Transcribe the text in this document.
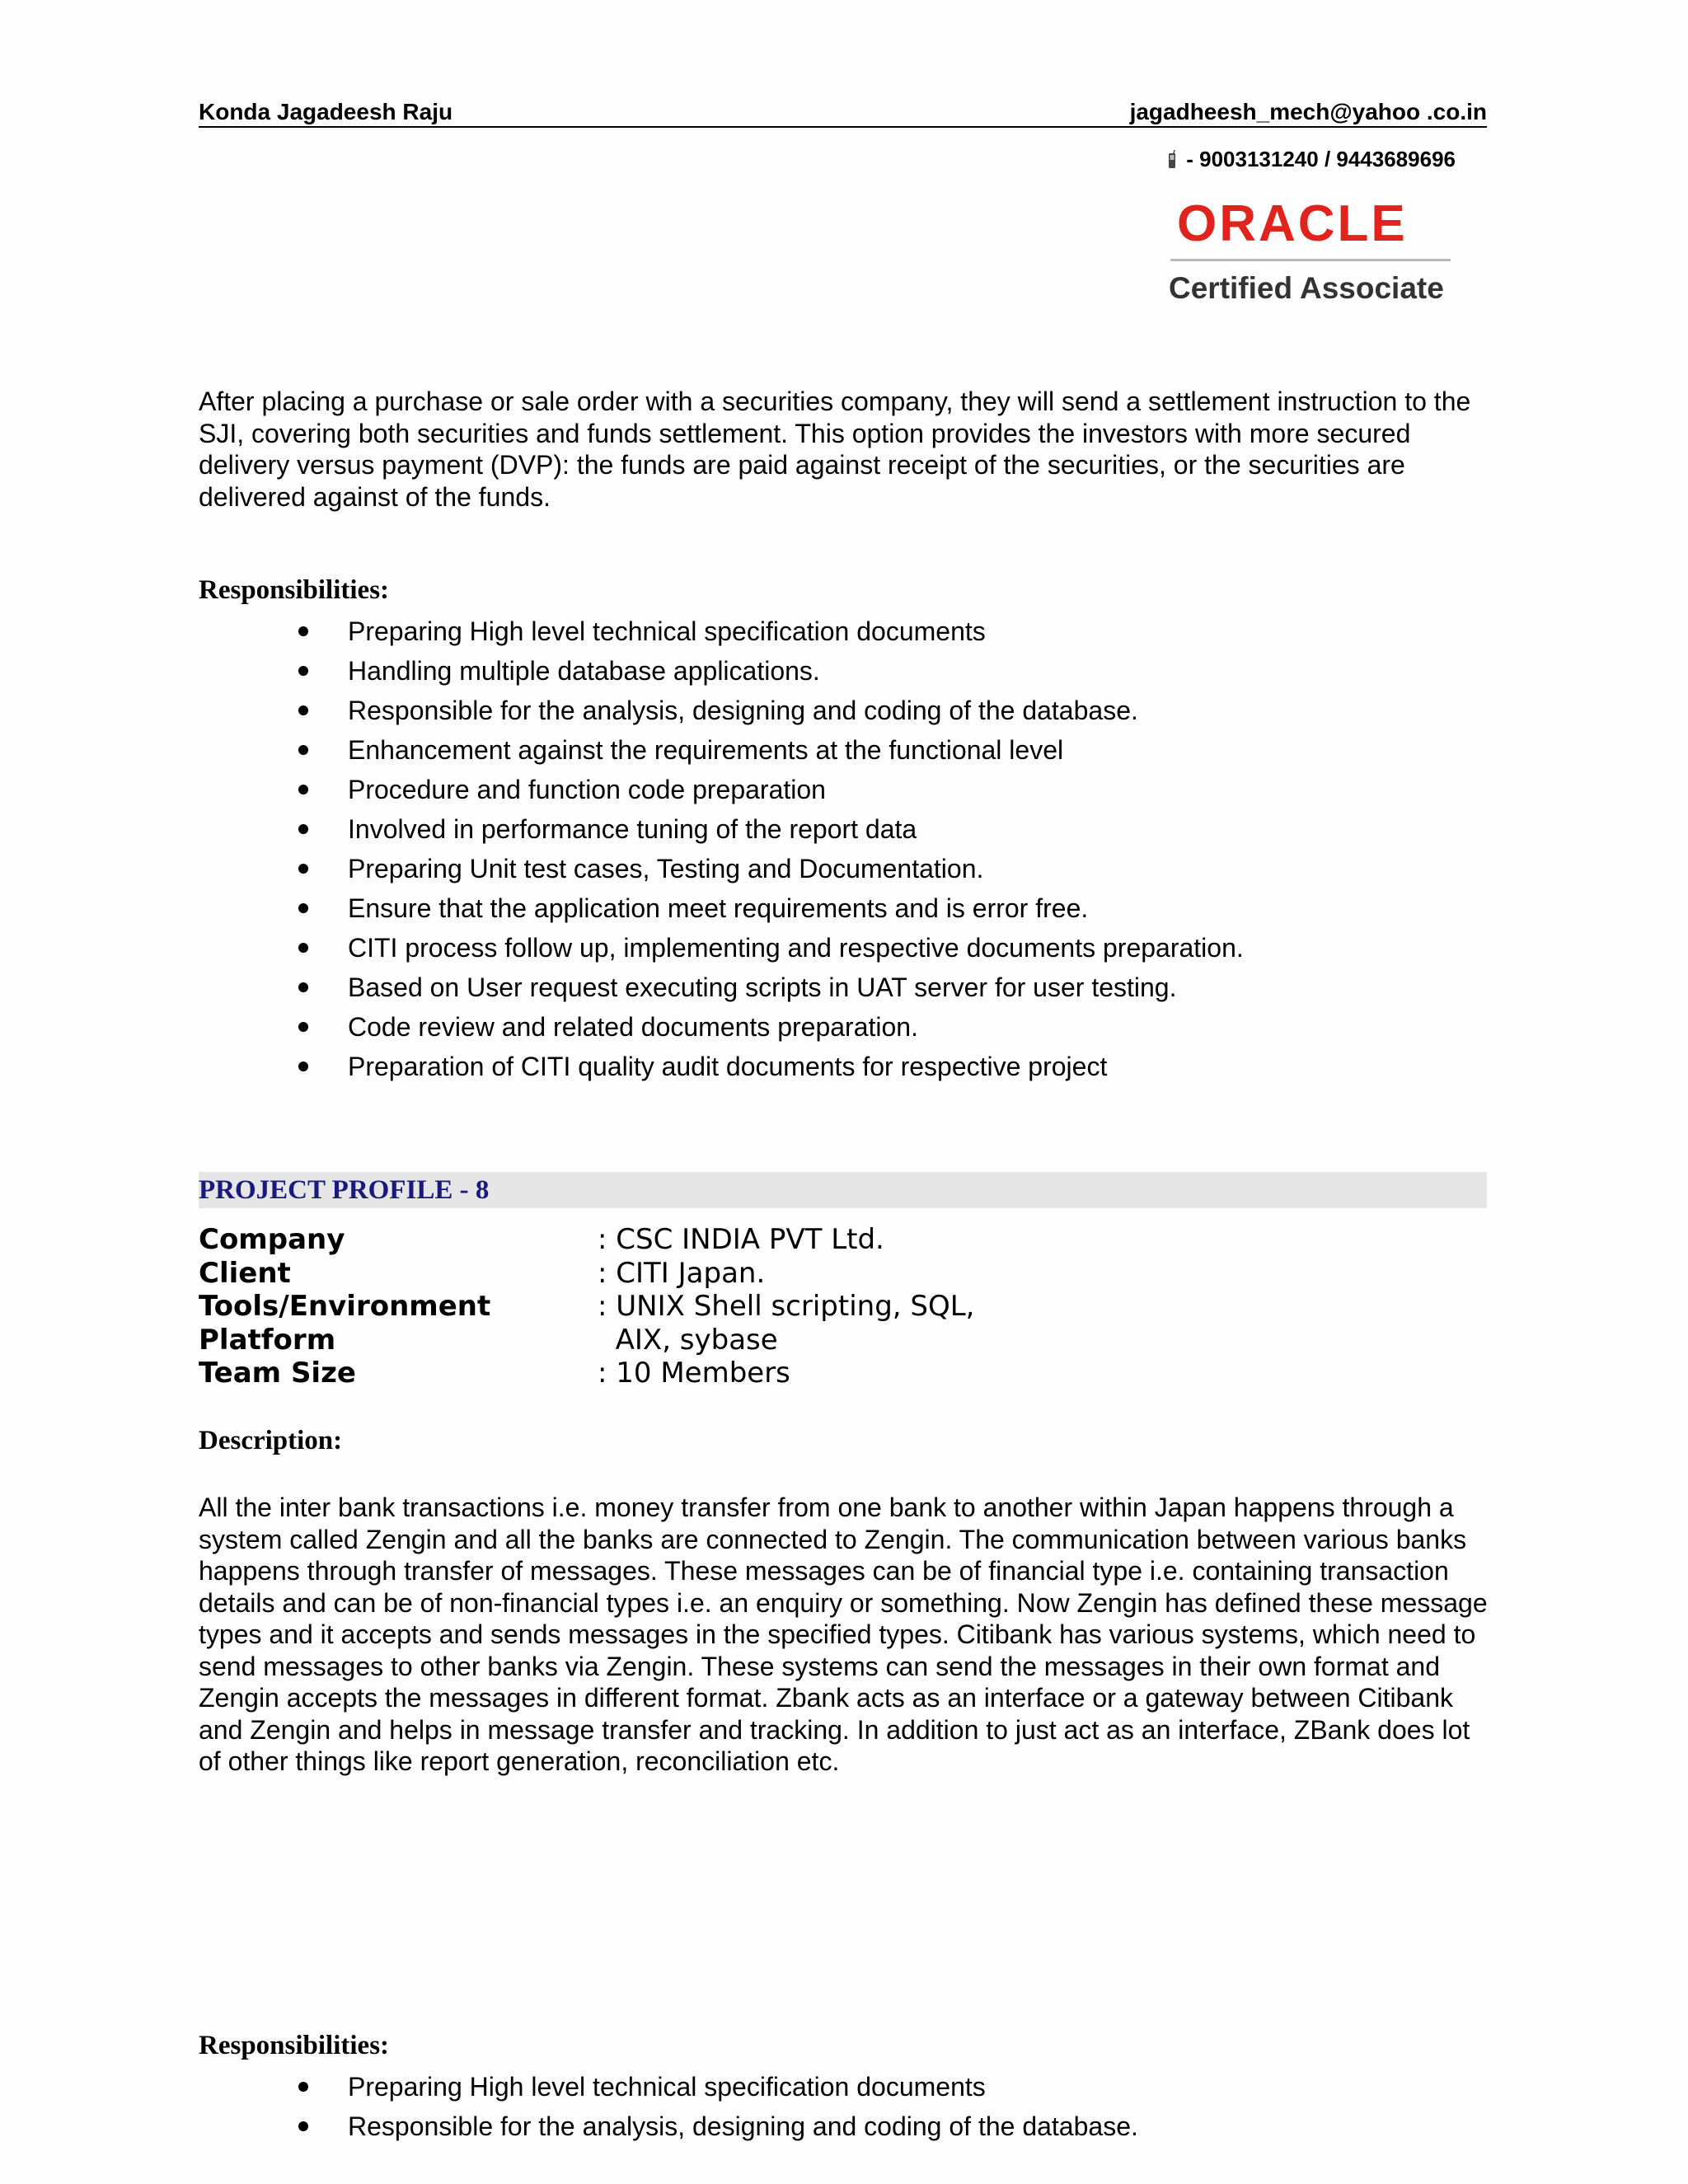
Konda Jagadeesh Raju	jagadheesh_mech@yahoo .co.in
- 9003131240 / 9443689696
ORACLE
Certified Associate
After placing a purchase or sale order with a securities company, they will send a settlement instruction to the SJI, covering both securities and funds settlement. This option provides the investors with more secured delivery versus payment (DVP): the funds are paid against receipt of the securities, or the securities are delivered against of the funds.
Responsibilities:
Preparing High level technical specification documents
Handling multiple database applications.
Responsible for the analysis, designing and coding of the database.
Enhancement against the requirements at the functional level
Procedure and function code preparation
Involved in performance tuning of the report data
Preparing Unit test cases, Testing and Documentation.
Ensure that the application meet requirements and is error free.
CITI process follow up, implementing and respective documents preparation.
Based on User request executing scripts in UAT server for user testing.
Code review and related documents preparation.
Preparation of CITI quality audit documents for respective project
PROJECT PROFILE - 8
Company	: CSC INDIA PVT Ltd.
Client	: CITI Japan.
Tools/Environment	: UNIX Shell scripting, SQL,
Platform	AIX, sybase
Team Size	: 10 Members
Description:
All the inter bank transactions i.e. money transfer from one bank to another within Japan happens through a system called Zengin and all the banks are connected to Zengin. The communication between various banks happens through transfer of messages. These messages can be of financial type i.e. containing transaction details and can be of non-financial types i.e. an enquiry or something. Now Zengin has defined these message types and it accepts and sends messages in the specified types. Citibank has various systems, which need to send messages to other banks via Zengin. These systems can send the messages in their own format and Zengin accepts the messages in different format. Zbank acts as an interface or a gateway between Citibank and Zengin and helps in message transfer and tracking. In addition to just act as an interface, ZBank does lot of other things like report generation, reconciliation etc.
Responsibilities:
Preparing High level technical specification documents
Responsible for the analysis, designing and coding of the database.
